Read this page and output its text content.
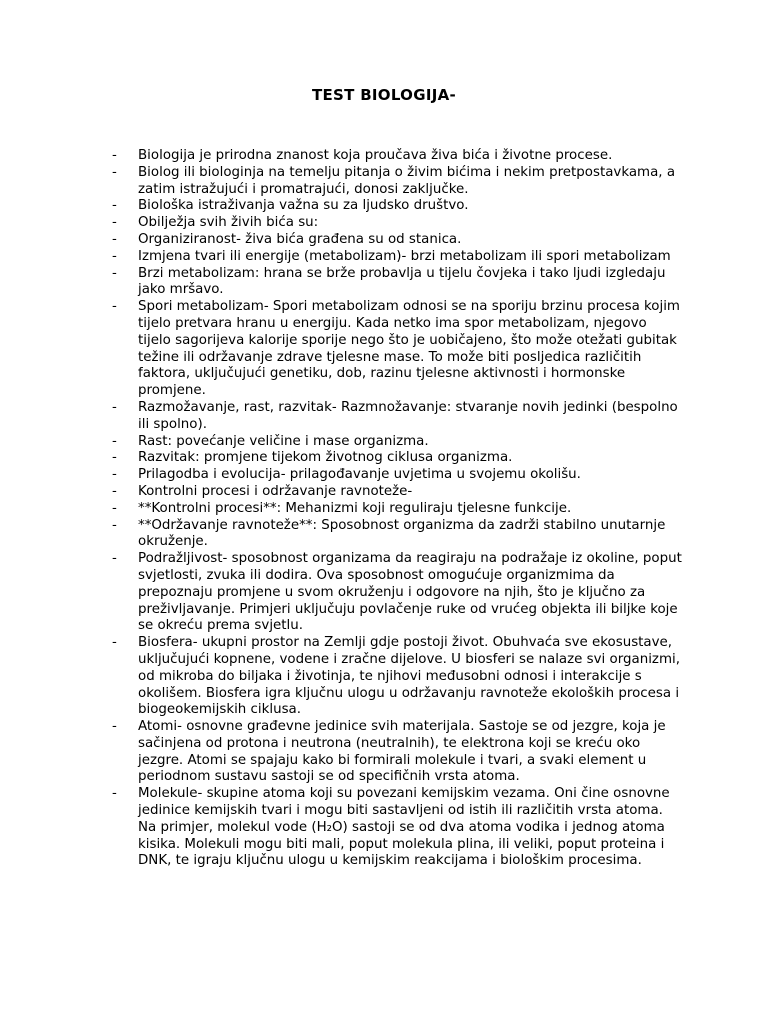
TEST BIOLOGIJA-
- Biologija je prirodna znanost koja proučava živa bića i životne procese.
- Biolog ili biologinja na temelju pitanja o živim bićima i nekim pretpostavkama, a zatim istražujući i promatrajući, donosi zaključke.
- Biološka istraživanja važna su za ljudsko društvo.
- Obilježja svih živih bića su:
- Organiziranost- živa bića građena su od stanica.
- Izmjena tvari ili energije (metabolizam)- brzi metabolizam ili spori metabolizam
- Brzi metabolizam: hrana se brže probavlja u tijelu čovjeka i tako ljudi izgledaju jako mršavo.
- Spori metabolizam- Spori metabolizam odnosi se na sporiju brzinu procesa kojim tijelo pretvara hranu u energiju. Kada netko ima spor metabolizam, njegovo tijelo sagorijeva kalorije sporije nego što je uobičajeno, što može otežati gubitak težine ili održavanje zdrave tjelesne mase. To može biti posljedica različitih faktora, uključujući genetiku, dob, razinu tjelesne aktivnosti i hormonske promjene.
- Razmožavanje, rast, razvitak- Razmnožavanje: stvaranje novih jedinki (bespolno ili spolno).
- Rast: povećanje veličine i mase organizma.
- Razvitak: promjene tijekom životnog ciklusa organizma.
- Prilagodba i evolucija- prilagođavanje uvjetima u svojemu okolišu.
- Kontrolni procesi i održavanje ravnoteže-
- **Kontrolni procesi**: Mehanizmi koji reguliraju tjelesne funkcije.
- **Održavanje ravnoteže**: Sposobnost organizma da zadrži stabilno unutarnje okruženje.
- Podražljivost- sposobnost organizama da reagiraju na podražaje iz okoline, poput svjetlosti, zvuka ili dodira. Ova sposobnost omogućuje organizmima da prepoznaju promjene u svom okruženju i odgovore na njih, što je ključno za preživljavanje. Primjeri uključuju povlačenje ruke od vrućeg objekta ili biljke koje se okreću prema svjetlu.
- Biosfera- ukupni prostor na Zemlji gdje postoji život. Obuhvaća sve ekosustave, uključujući kopnene, vodene i zračne dijelove. U biosferi se nalaze svi organizmi, od mikroba do biljaka i životinja, te njihovi međusobni odnosi i interakcije s okolišem. Biosfera igra ključnu ulogu u održavanju ravnoteže ekoloških procesa i biogeokemijskih ciklusa.
- Atomi- osnovne građevne jedinice svih materijala. Sastoje se od jezgre, koja je sačinjena od protona i neutrona (neutralnih), te elektrona koji se kreću oko jezgre. Atomi se spajaju kako bi formirali molekule i tvari, a svaki element u periodnom sustavu sastoji se od specifičnih vrsta atoma.
- Molekule- skupine atoma koji su povezani kemijskim vezama. Oni čine osnovne jedinice kemijskih tvari i mogu biti sastavljeni od istih ili različitih vrsta atoma. Na primjer, molekul vode (H₂O) sastoji se od dva atoma vodika i jednog atoma kisika. Molekuli mogu biti mali, poput molekula plina, ili veliki, poput proteina i DNK, te igraju ključnu ulogu u kemijskim reakcijama i biološkim procesima.
